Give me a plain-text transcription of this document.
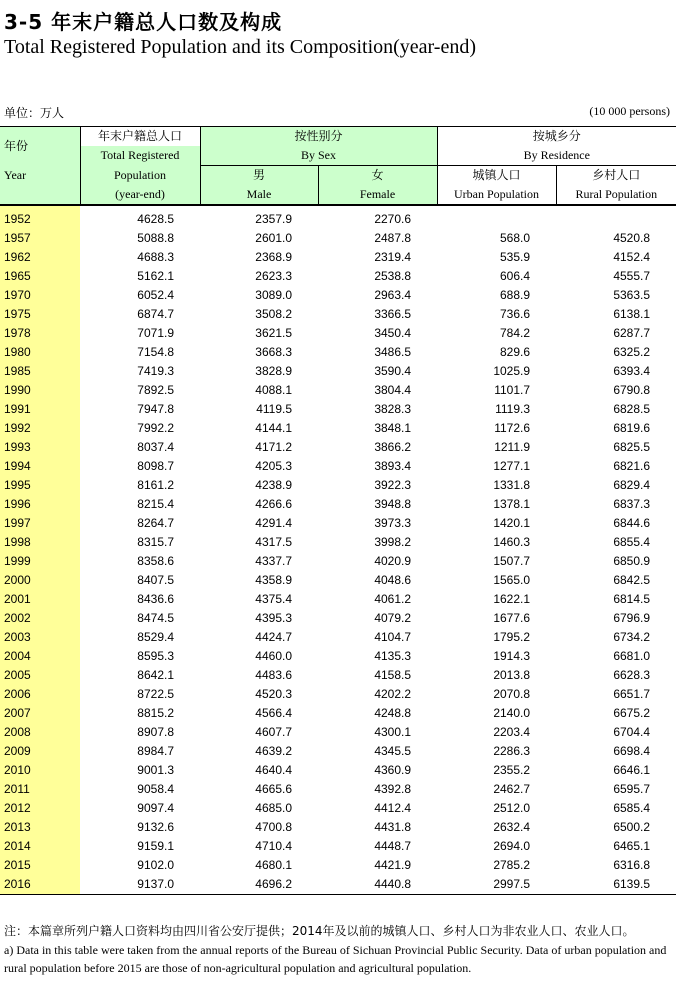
3-5 年末户籍总人口数及构成
Total Registered Population and its Composition(year-end)
单位：万人	(10 000 persons)
年份	年末户籍总人口	按性别分		按城乡分	
	Total Registered	By Sex		By Residence	
Year	Population	男	女	城镇人口	乡村人口
	(year-end)	Male	Female	Urban Population	Rural Population

1952	4628.5	2357.9	2270.6		
1957	5088.8	2601.0	2487.8	568.0	4520.8
1962	4688.3	2368.9	2319.4	535.9	4152.4
1965	5162.1	2623.3	2538.8	606.4	4555.7
1970	6052.4	3089.0	2963.4	688.9	5363.5
1975	6874.7	3508.2	3366.5	736.6	6138.1
1978	7071.9	3621.5	3450.4	784.2	6287.7
1980	7154.8	3668.3	3486.5	829.6	6325.2
1985	7419.3	3828.9	3590.4	1025.9	6393.4
1990	7892.5	4088.1	3804.4	1101.7	6790.8
1991	7947.8	4119.5	3828.3	1119.3	6828.5
1992	7992.2	4144.1	3848.1	1172.6	6819.6
1993	8037.4	4171.2	3866.2	1211.9	6825.5
1994	8098.7	4205.3	3893.4	1277.1	6821.6
1995	8161.2	4238.9	3922.3	1331.8	6829.4
1996	8215.4	4266.6	3948.8	1378.1	6837.3
1997	8264.7	4291.4	3973.3	1420.1	6844.6
1998	8315.7	4317.5	3998.2	1460.3	6855.4
1999	8358.6	4337.7	4020.9	1507.7	6850.9
2000	8407.5	4358.9	4048.6	1565.0	6842.5
2001	8436.6	4375.4	4061.2	1622.1	6814.5
2002	8474.5	4395.3	4079.2	1677.6	6796.9
2003	8529.4	4424.7	4104.7	1795.2	6734.2
2004	8595.3	4460.0	4135.3	1914.3	6681.0
2005	8642.1	4483.6	4158.5	2013.8	6628.3
2006	8722.5	4520.3	4202.2	2070.8	6651.7
2007	8815.2	4566.4	4248.8	2140.0	6675.2
2008	8907.8	4607.7	4300.1	2203.4	6704.4
2009	8984.7	4639.2	4345.5	2286.3	6698.4
2010	9001.3	4640.4	4360.9	2355.2	6646.1
2011	9058.4	4665.6	4392.8	2462.7	6595.7
2012	9097.4	4685.0	4412.4	2512.0	6585.4
2013	9132.6	4700.8	4431.8	2632.4	6500.2
2014	9159.1	4710.4	4448.7	2694.0	6465.1
2015	9102.0	4680.1	4421.9	2785.2	6316.8
2016	9137.0	4696.2	4440.8	2997.5	6139.5
注：本篇章所列户籍人口资料均由四川省公安厅提供；2014年及以前的城镇人口、乡村人口为非农业人口、农业人口。
a) Data in this table were taken from the annual reports of the Bureau of Sichuan Provincial Public Security. Data of urban population and rural population before 2015 are those of non-agricultural population and agricultural population.
